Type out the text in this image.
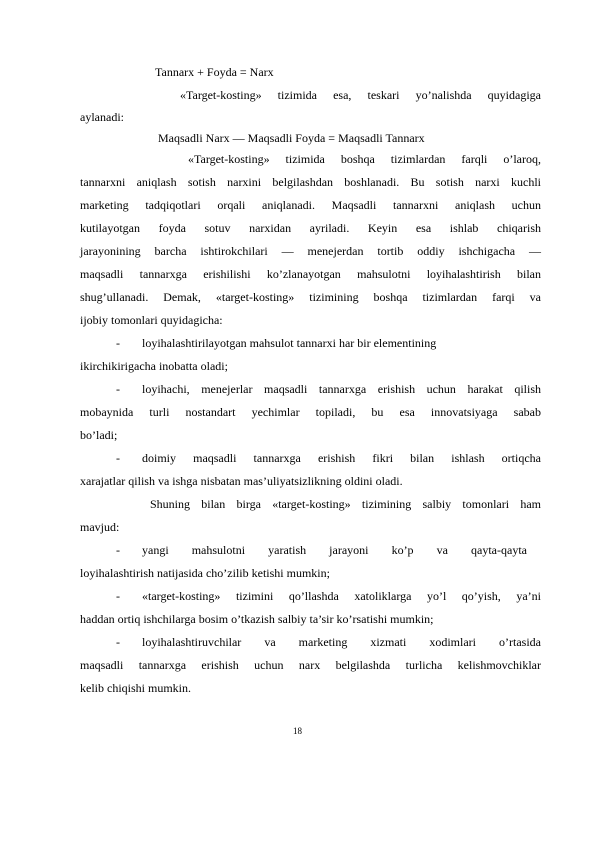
Tannarx + Foyda = Narx
«Target-kosting» tizimida esa, teskari yo’nalishda quyidagiga
aylanadi:
Maqsadli Narx — Maqsadli Foyda = Maqsadli Tannarx
«Target-kosting» tizimida boshqa tizimlardan farqli o’laroq,
tannarxni aniqlash sotish narxini belgilashdan boshlanadi. Bu sotish narxi kuchli
marketing tadqiqotlari orqali aniqlanadi. Maqsadli tannarxni aniqlash uchun
kutilayotgan foyda sotuv narxidan ayriladi. Keyin esa ishlab chiqarish
jarayonining barcha ishtirokchilari — menejerdan tortib oddiy ishchigacha —
maqsadli tannarxga erishilishi ko’zlanayotgan mahsulotni loyihalashtirish bilan
shug’ullanadi. Demak, «target-kosting» tizimining boshqa tizimlardan farqi va
ijobiy tomonlari quyidagicha:
- loyihalashtirilayotgan mahsulot tannarxi har bir elementining
ikirchikirigacha inobatta oladi;
- loyihachi, menejerlar maqsadli tannarxga erishish uchun harakat qilish
mobaynida turli nostandart yechimlar topiladi, bu esa innovatsiyaga sabab
bo’ladi;
- doimiy maqsadli tannarxga erishish fikri bilan ishlash ortiqcha
xarajatlar qilish va ishga nisbatan mas’uliyatsizlikning oldini oladi.
Shuning bilan birga «target-kosting» tizimining salbiy tomonlari ham
mavjud:
- yangi mahsulotni yaratish jarayoni ko’p va qayta-qayta
loyihalashtirish natijasida cho’zilib ketishi mumkin;
- «target-kosting» tizimini qo’llashda xatoliklarga yo’l qo’yish, ya’ni
haddan ortiq ishchilarga bosim o’tkazish salbiy ta’sir ko’rsatishi mumkin;
- loyihalashtiruvchilar va marketing xizmati xodimlari o’rtasida
maqsadli tannarxga erishish uchun narx belgilashda turlicha kelishmovchiklar
kelib chiqishi mumkin.
18
